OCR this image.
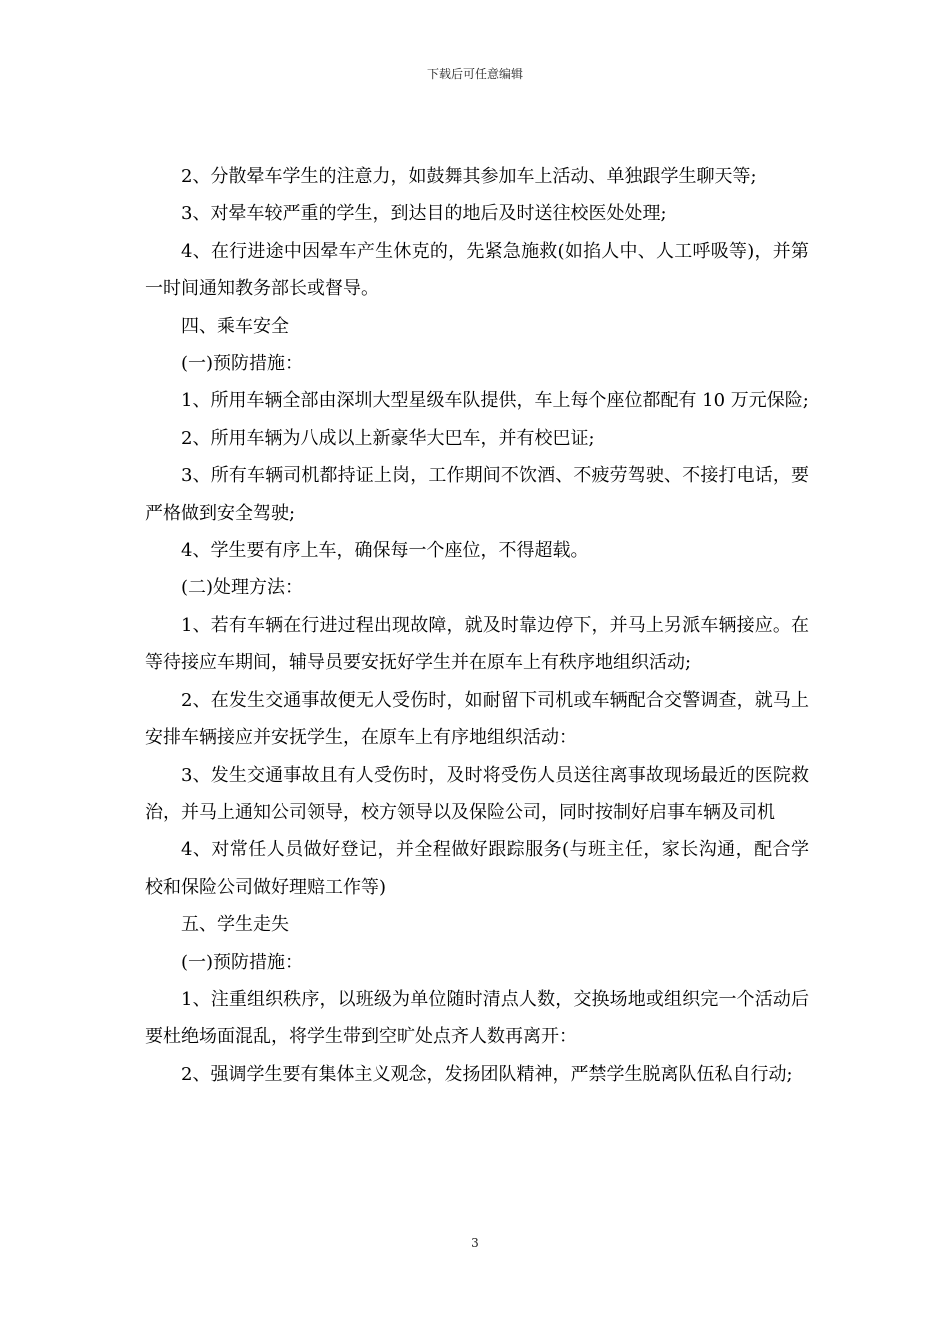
下载后可任意编辑

2、分散晕车学生的注意力，如鼓舞其参加车上活动、单独跟学生聊天等;

3、对晕车较严重的学生，到达目的地后及时送往校医处处理;

4、在行进途中因晕车产生休克的，先紧急施救(如掐人中、人工呼吸等)，并第一时间通知教务部长或督导。

四、乘车安全

(一)预防措施：

1、所用车辆全部由深圳大型星级车队提供，车上每个座位都配有 10 万元保险;

2、所用车辆为八成以上新豪华大巴车，并有校巴证;

3、所有车辆司机都持证上岗，工作期间不饮酒、不疲劳驾驶、不接打电话，要严格做到安全驾驶;

4、学生要有序上车，确保每一个座位，不得超载。

(二)处理方法：

1、若有车辆在行进过程出现故障，就及时靠边停下，并马上另派车辆接应。在等待接应车期间，辅导员要安抚好学生并在原车上有秩序地组织活动;

2、在发生交通事故便无人受伤时，如耐留下司机或车辆配合交警调查，就马上安排车辆接应并安抚学生，在原车上有序地组织活动：

3、发生交通事故且有人受伤时，及时将受伤人员送往离事故现场最近的医院救治，并马上通知公司领导，校方领导以及保险公司，同时按制好启事车辆及司机

4、对常任人员做好登记，并全程做好跟踪服务(与班主任，家长沟通，配合学校和保险公司做好理赔工作等)

五、学生走失

(一)预防措施：

1、注重组织秩序，以班级为单位随时清点人数，交换场地或组织完一个活动后要杜绝场面混乱，将学生带到空旷处点齐人数再离开：

2、强调学生要有集体主义观念，发扬团队精神，严禁学生脱离队伍私自行动;

3
